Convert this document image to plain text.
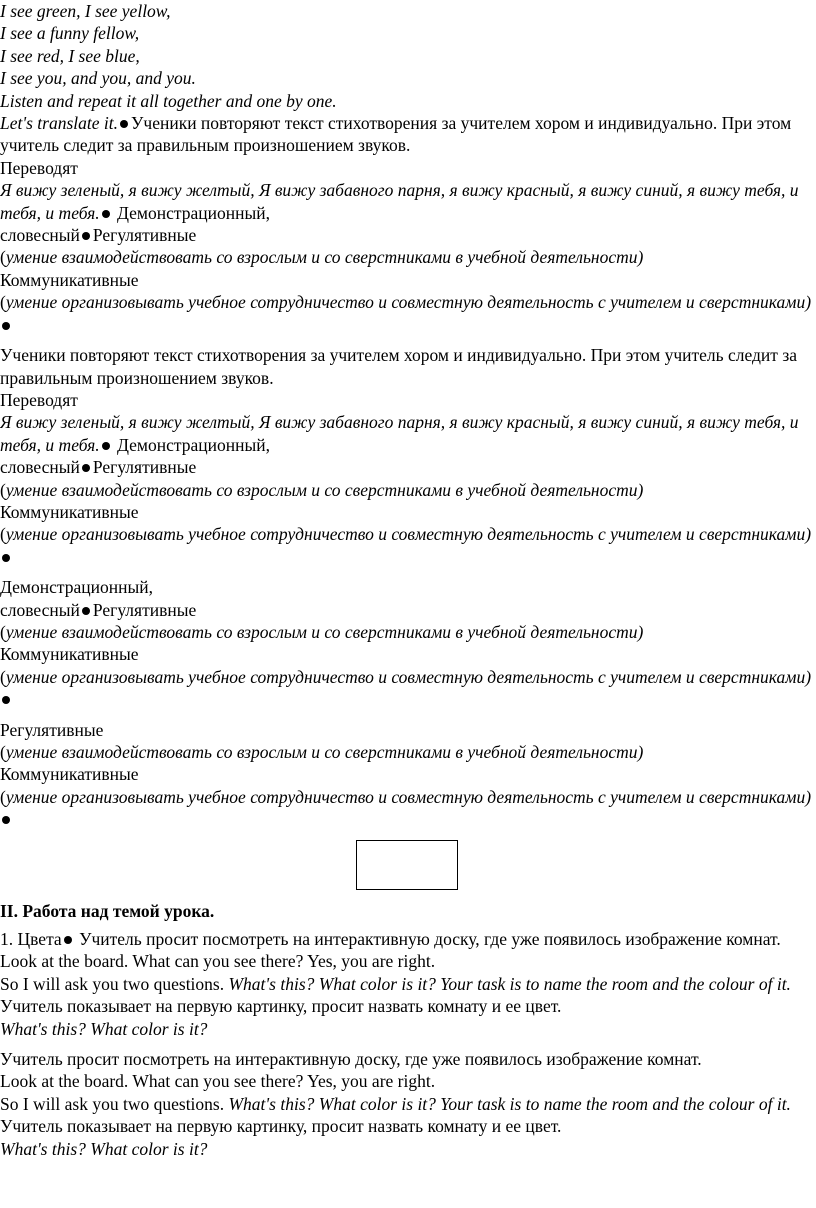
I see green, I see yellow,
I see a funny fellow,
I see red, I see blue,
I see you, and you, and you.
Listen and repeat it all together and one by one.
Let's translate it. Ученики повторяют текст стихотворения за учителем хором и индивидуально. При этом учитель следит за правильным произношением звуков.
Переводят
Я вижу зеленый, я вижу желтый, Я вижу забавного парня, я вижу красный, я вижу синий, я вижу тебя, и тебя, и тебя. Демонстрационный,
словесный Регулятивные
(умение взаимодействовать со взрослым и со сверстниками в учебной деятельности)
Коммуникативные
(умение организовывать учебное сотрудничество и совместную деятельность с учителем и сверстниками)
Ученики повторяют текст стихотворения за учителем хором и индивидуально. При этом учитель следит за правильным произношением звуков.
Переводят
Я вижу зеленый, я вижу желтый, Я вижу забавного парня, я вижу красный, я вижу синий, я вижу тебя, и тебя, и тебя. Демонстрационный,
словесный Регулятивные
(умение взаимодействовать со взрослым и со сверстниками в учебной деятельности)
Коммуникативные
(умение организовывать учебное сотрудничество и совместную деятельность с учителем и сверстниками)
Демонстрационный,
словесный Регулятивные
(умение взаимодействовать со взрослым и со сверстниками в учебной деятельности)
Коммуникативные
(умение организовывать учебное сотрудничество и совместную деятельность с учителем и сверстниками)
Регулятивные
(умение взаимодействовать со взрослым и со сверстниками в учебной деятельности)
Коммуникативные
(умение организовывать учебное сотрудничество и совместную деятельность с учителем и сверстниками)
II. Работа над темой урока.
1. Цвета Учитель просит посмотреть на интерактивную доску, где уже появилось изображение комнат.
Look at the board. What can you see there? Yes, you are right.
So I will ask you two questions. What's this? What color is it? Your task is to name the room and the colour of it.
Учитель показывает на первую картинку, просит назвать комнату и ее цвет.
What's this? What color is it?
Учитель просит посмотреть на интерактивную доску, где уже появилось изображение комнат.
Look at the board. What can you see there? Yes, you are right.
So I will ask you two questions. What's this? What color is it? Your task is to name the room and the colour of it.
Учитель показывает на первую картинку, просит назвать комнату и ее цвет.
What's this? What color is it?
